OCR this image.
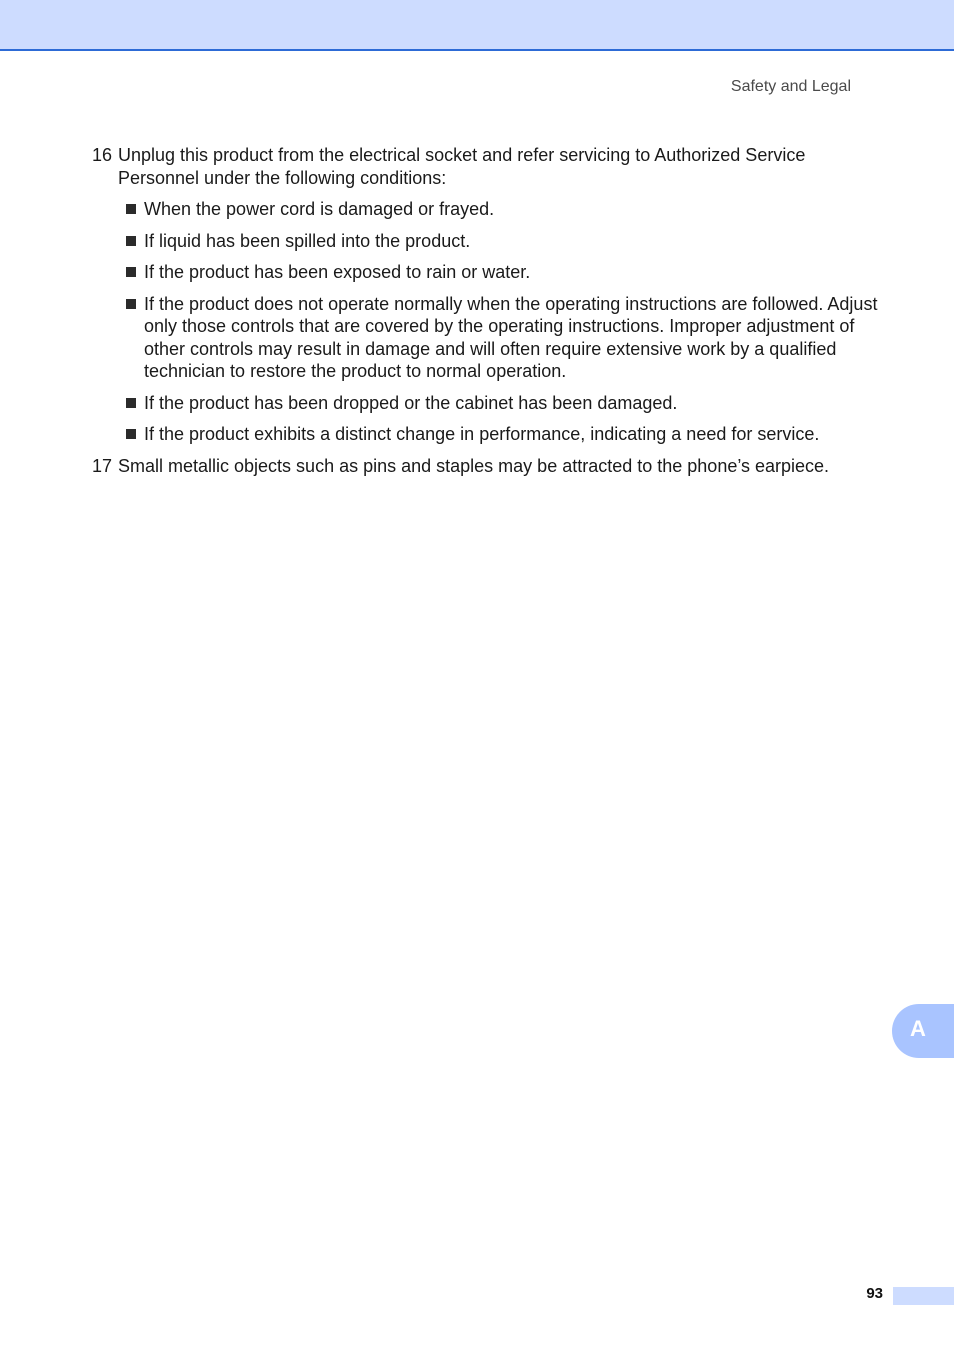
Safety and Legal
16 Unplug this product from the electrical socket and refer servicing to Authorized Service Personnel under the following conditions:
When the power cord is damaged or frayed.
If liquid has been spilled into the product.
If the product has been exposed to rain or water.
If the product does not operate normally when the operating instructions are followed. Adjust only those controls that are covered by the operating instructions. Improper adjustment of other controls may result in damage and will often require extensive work by a qualified technician to restore the product to normal operation.
If the product has been dropped or the cabinet has been damaged.
If the product exhibits a distinct change in performance, indicating a need for service.
17 Small metallic objects such as pins and staples may be attracted to the phone’s earpiece.
A
93
